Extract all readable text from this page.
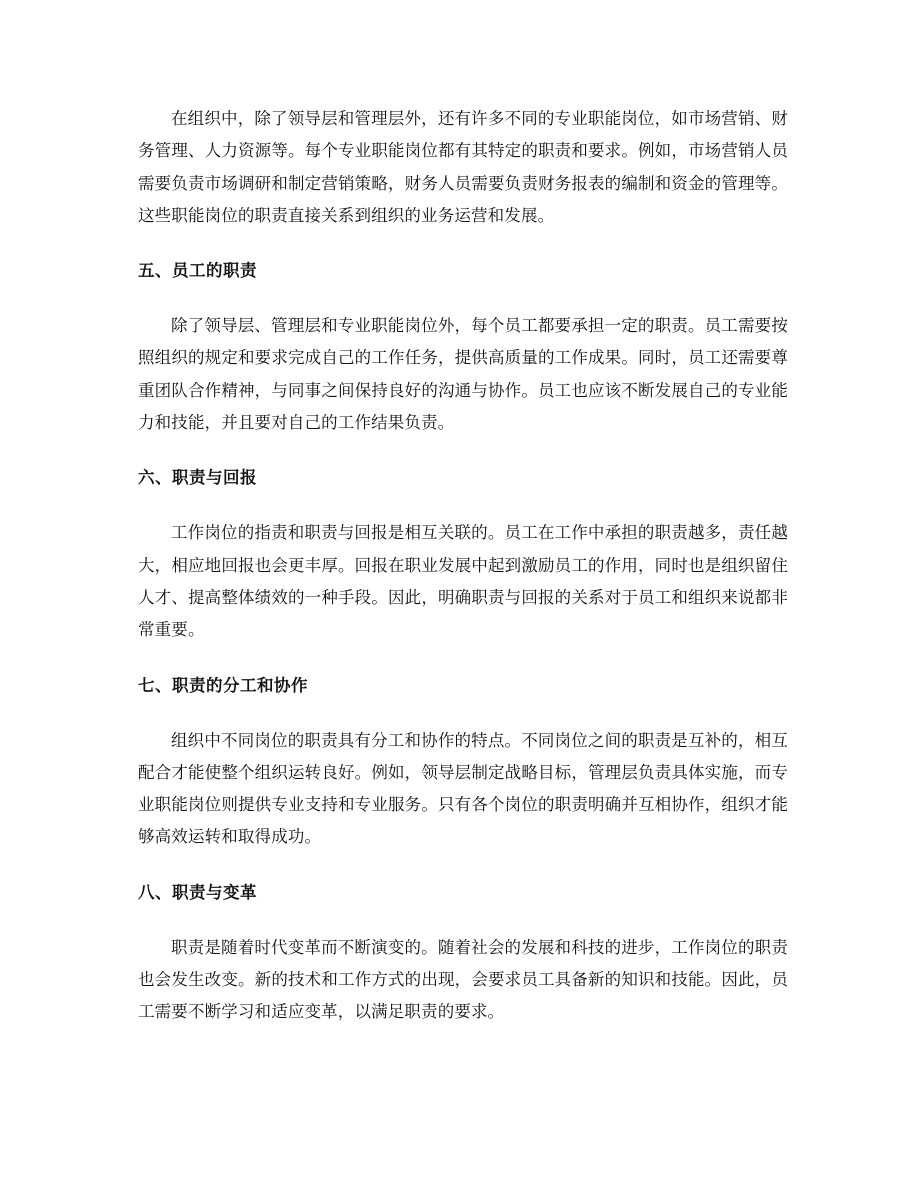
在组织中，除了领导层和管理层外，还有许多不同的专业职能岗位，如市场营销、财务管理、人力资源等。每个专业职能岗位都有其特定的职责和要求。例如，市场营销人员需要负责市场调研和制定营销策略，财务人员需要负责财务报表的编制和资金的管理等。这些职能岗位的职责直接关系到组织的业务运营和发展。

五、员工的职责

除了领导层、管理层和专业职能岗位外，每个员工都要承担一定的职责。员工需要按照组织的规定和要求完成自己的工作任务，提供高质量的工作成果。同时，员工还需要尊重团队合作精神，与同事之间保持良好的沟通与协作。员工也应该不断发展自己的专业能力和技能，并且要对自己的工作结果负责。

六、职责与回报

工作岗位的指责和职责与回报是相互关联的。员工在工作中承担的职责越多，责任越大，相应地回报也会更丰厚。回报在职业发展中起到激励员工的作用，同时也是组织留住人才、提高整体绩效的一种手段。因此，明确职责与回报的关系对于员工和组织来说都非常重要。

七、职责的分工和协作

组织中不同岗位的职责具有分工和协作的特点。不同岗位之间的职责是互补的，相互配合才能使整个组织运转良好。例如，领导层制定战略目标，管理层负责具体实施，而专业职能岗位则提供专业支持和专业服务。只有各个岗位的职责明确并互相协作，组织才能够高效运转和取得成功。

八、职责与变革

职责是随着时代变革而不断演变的。随着社会的发展和科技的进步，工作岗位的职责也会发生改变。新的技术和工作方式的出现，会要求员工具备新的知识和技能。因此，员工需要不断学习和适应变革，以满足职责的要求。
